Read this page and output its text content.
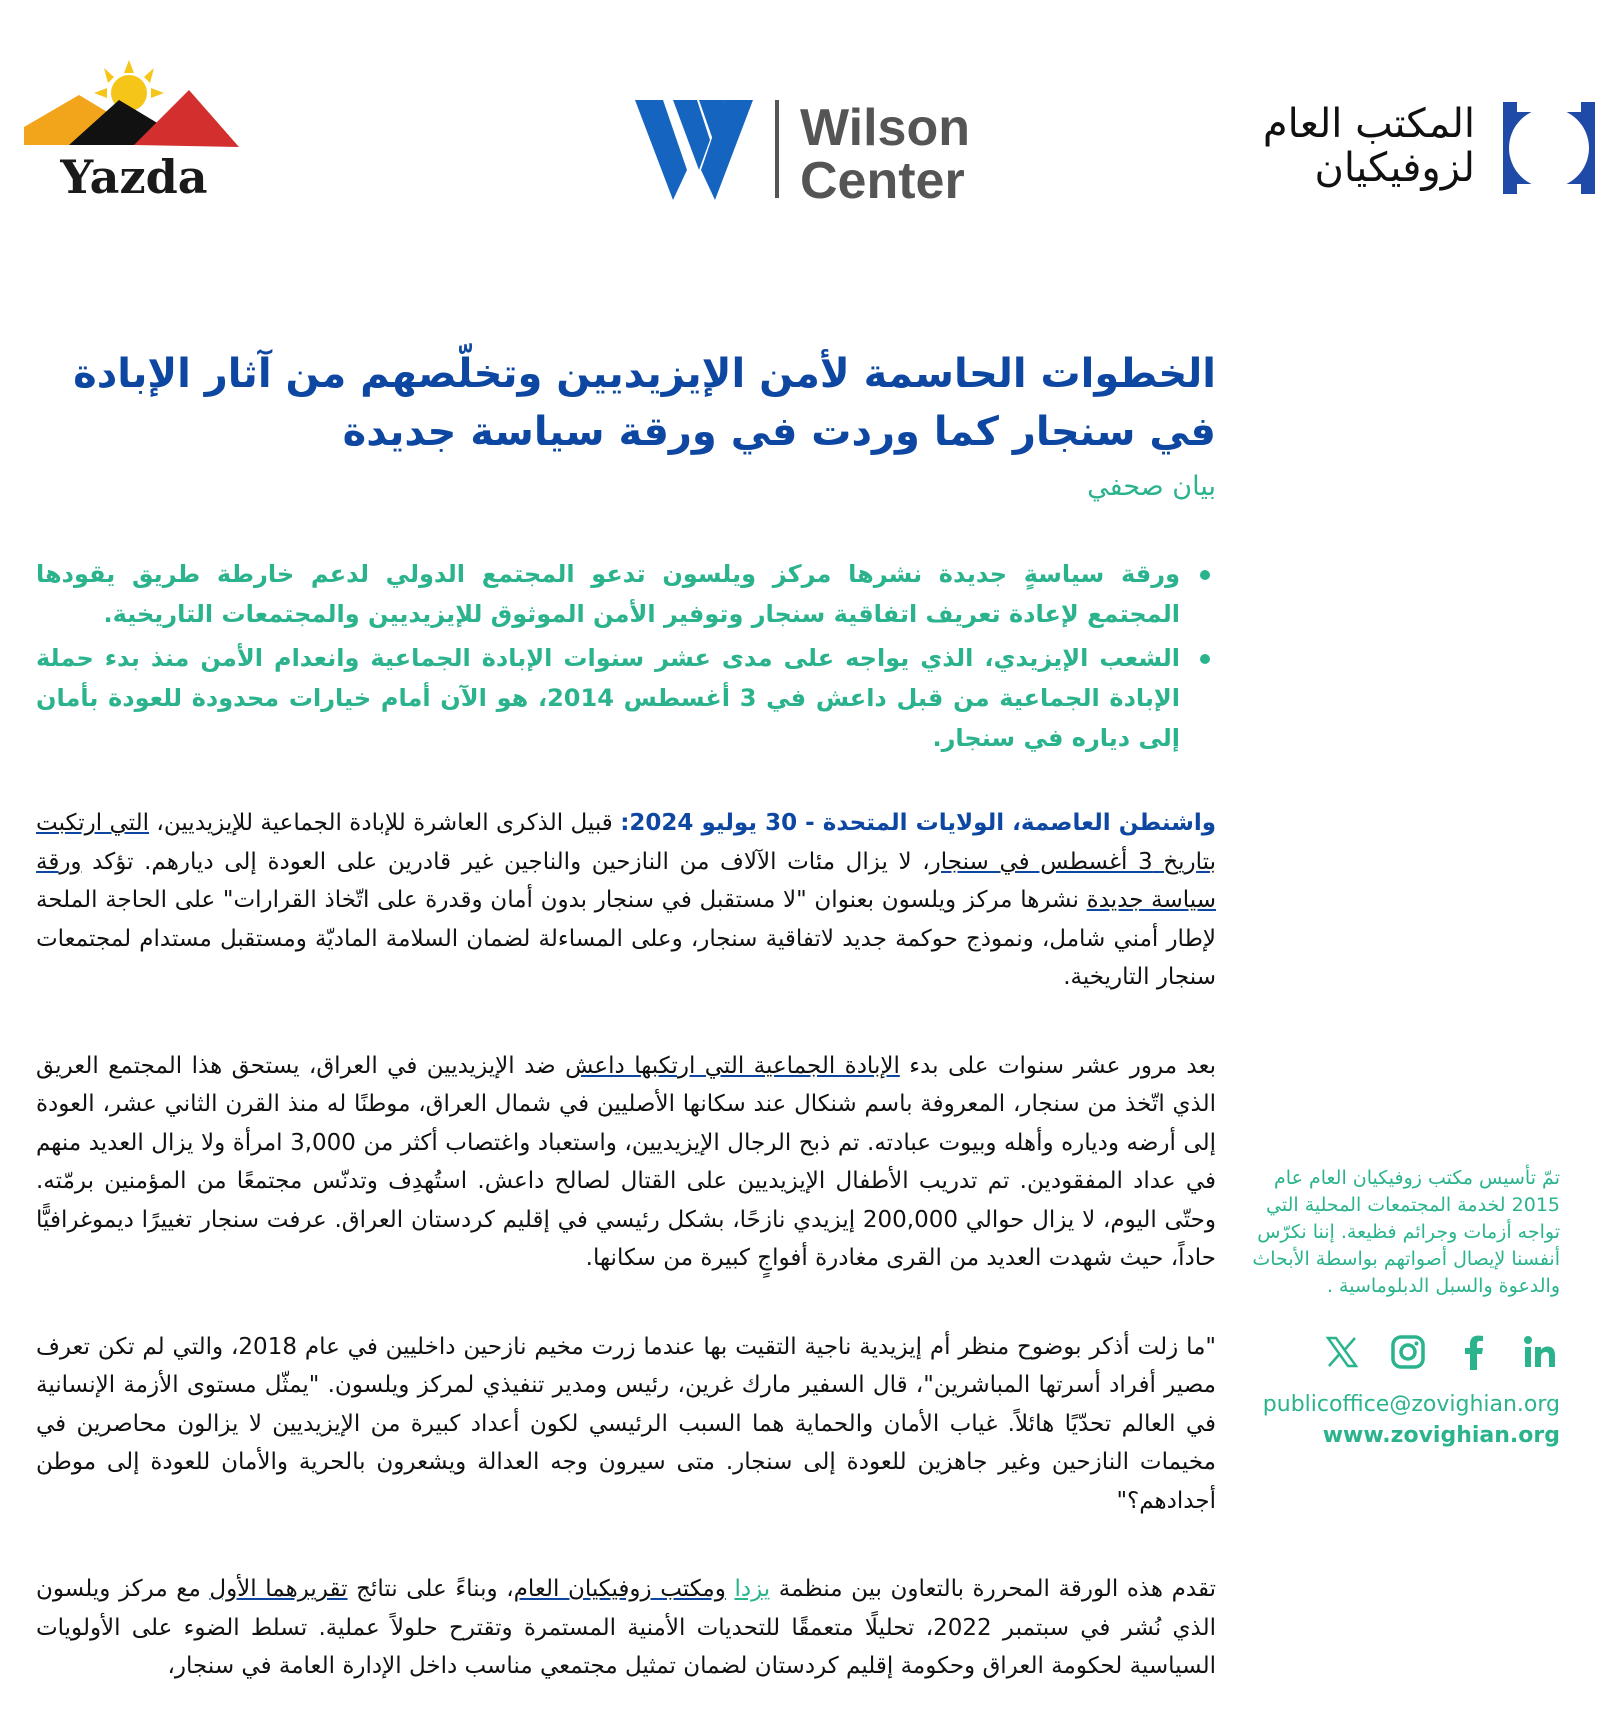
Yazda
Wilson
Center
المكتب العام
لزوفيكيان
الخطوات الحاسمة لأمن الإيزيديين وتخلّصهم من آثار الإبادة في سنجار كما وردت في ورقة سياسة جديدة
بيان صحفي
ورقة سياسةٍ جديدة نشرها مركز ويلسون تدعو المجتمع الدولي لدعم خارطة طريق يقودها المجتمع لإعادة تعريف اتفاقية سنجار وتوفير الأمن الموثوق للإيزيديين والمجتمعات التاريخية.
الشعب الإيزيدي، الذي يواجه على مدى عشر سنوات الإبادة الجماعية وانعدام الأمن منذ بدء حملة الإبادة الجماعية من قبل داعش في 3 أغسطس 2014، هو الآن أمام خيارات محدودة للعودة بأمان إلى دياره في سنجار.

واشنطن العاصمة، الولايات المتحدة - 30 يوليو 2024: قبيل الذكرى العاشرة للإبادة الجماعية للإيزيديين، التي ارتكبت بتاريخ 3 أغسطس في سنجار، لا يزال مئات الآلاف من النازحين والناجين غير قادرين على العودة إلى ديارهم. تؤكد ورقة سياسة جديدة نشرها مركز ويلسون بعنوان "لا مستقبل في سنجار بدون أمان وقدرة على اتّخاذ القرارات" على الحاجة الملحة لإطار أمني شامل، ونموذج حوكمة جديد لاتفاقية سنجار، وعلى المساءلة لضمان السلامة الماديّة ومستقبل مستدام لمجتمعات سنجار التاريخية.

بعد مرور عشر سنوات على بدء الإبادة الجماعية التي ارتكبها داعش ضد الإيزيديين في العراق، يستحق هذا المجتمع العريق الذي اتّخذ من سنجار، المعروفة باسم شنكال عند سكانها الأصليين في شمال العراق، موطنًا له منذ القرن الثاني عشر، العودة إلى أرضه ودياره وأهله وبيوت عبادته. تم ذبح الرجال الإيزيديين، واستعباد واغتصاب أكثر من 3,000 امرأة ولا يزال العديد منهم في عداد المفقودين. تم تدريب الأطفال الإيزيديين على القتال لصالح داعش. استُهدِف وتدنّس مجتمعًا من المؤمنين برمّته. وحتّى اليوم، لا يزال حوالي 200,000 إيزيدي نازحًا، بشكل رئيسي في إقليم كردستان العراق. عرفت سنجار تغييرًا ديموغرافيًّا حاداً، حيث شهدت العديد من القرى مغادرة أفواجٍ كبيرة من سكانها.

"ما زلت أذكر بوضوح منظر أم إيزيدية ناجية التقيت بها عندما زرت مخيم نازحين داخليين في عام 2018، والتي لم تكن تعرف مصير أفراد أسرتها المباشرين"، قال السفير مارك غرين، رئيس ومدير تنفيذي لمركز ويلسون. "يمثّل مستوى الأزمة الإنسانية في العالم تحدّيًا هائلاً. غياب الأمان والحماية هما السبب الرئيسي لكون أعداد كبيرة من الإيزيديين لا يزالون محاصرين في مخيمات النازحين وغير جاهزين للعودة إلى سنجار. متى سيرون وجه العدالة ويشعرون بالحرية والأمان للعودة إلى موطن أجدادهم؟"

تقدم هذه الورقة المحررة بالتعاون بين منظمة يزدا ومكتب زوفيكيان العام، وبناءً على نتائج تقريرهما الأول مع مركز ويلسون الذي نُشر في سبتمبر 2022، تحليلًا متعمقًا للتحديات الأمنية المستمرة وتقترح حلولاً عملية. تسلط الضوء على الأولويات السياسية لحكومة العراق وحكومة إقليم كردستان لضمان تمثيل مجتمعي مناسب داخل الإدارة العامة في سنجار،

تمّ تأسيس مكتب زوفيكيان العام عام 2015 لخدمة المجتمعات المحلية التي تواجه أزمات وجرائم فظيعة. إننا نكرّس أنفسنا لإيصال أصواتهم بواسطة الأبحاث والدعوة والسبل الدبلوماسية .
publicoffice@zovighian.org
www.zovighian.org
